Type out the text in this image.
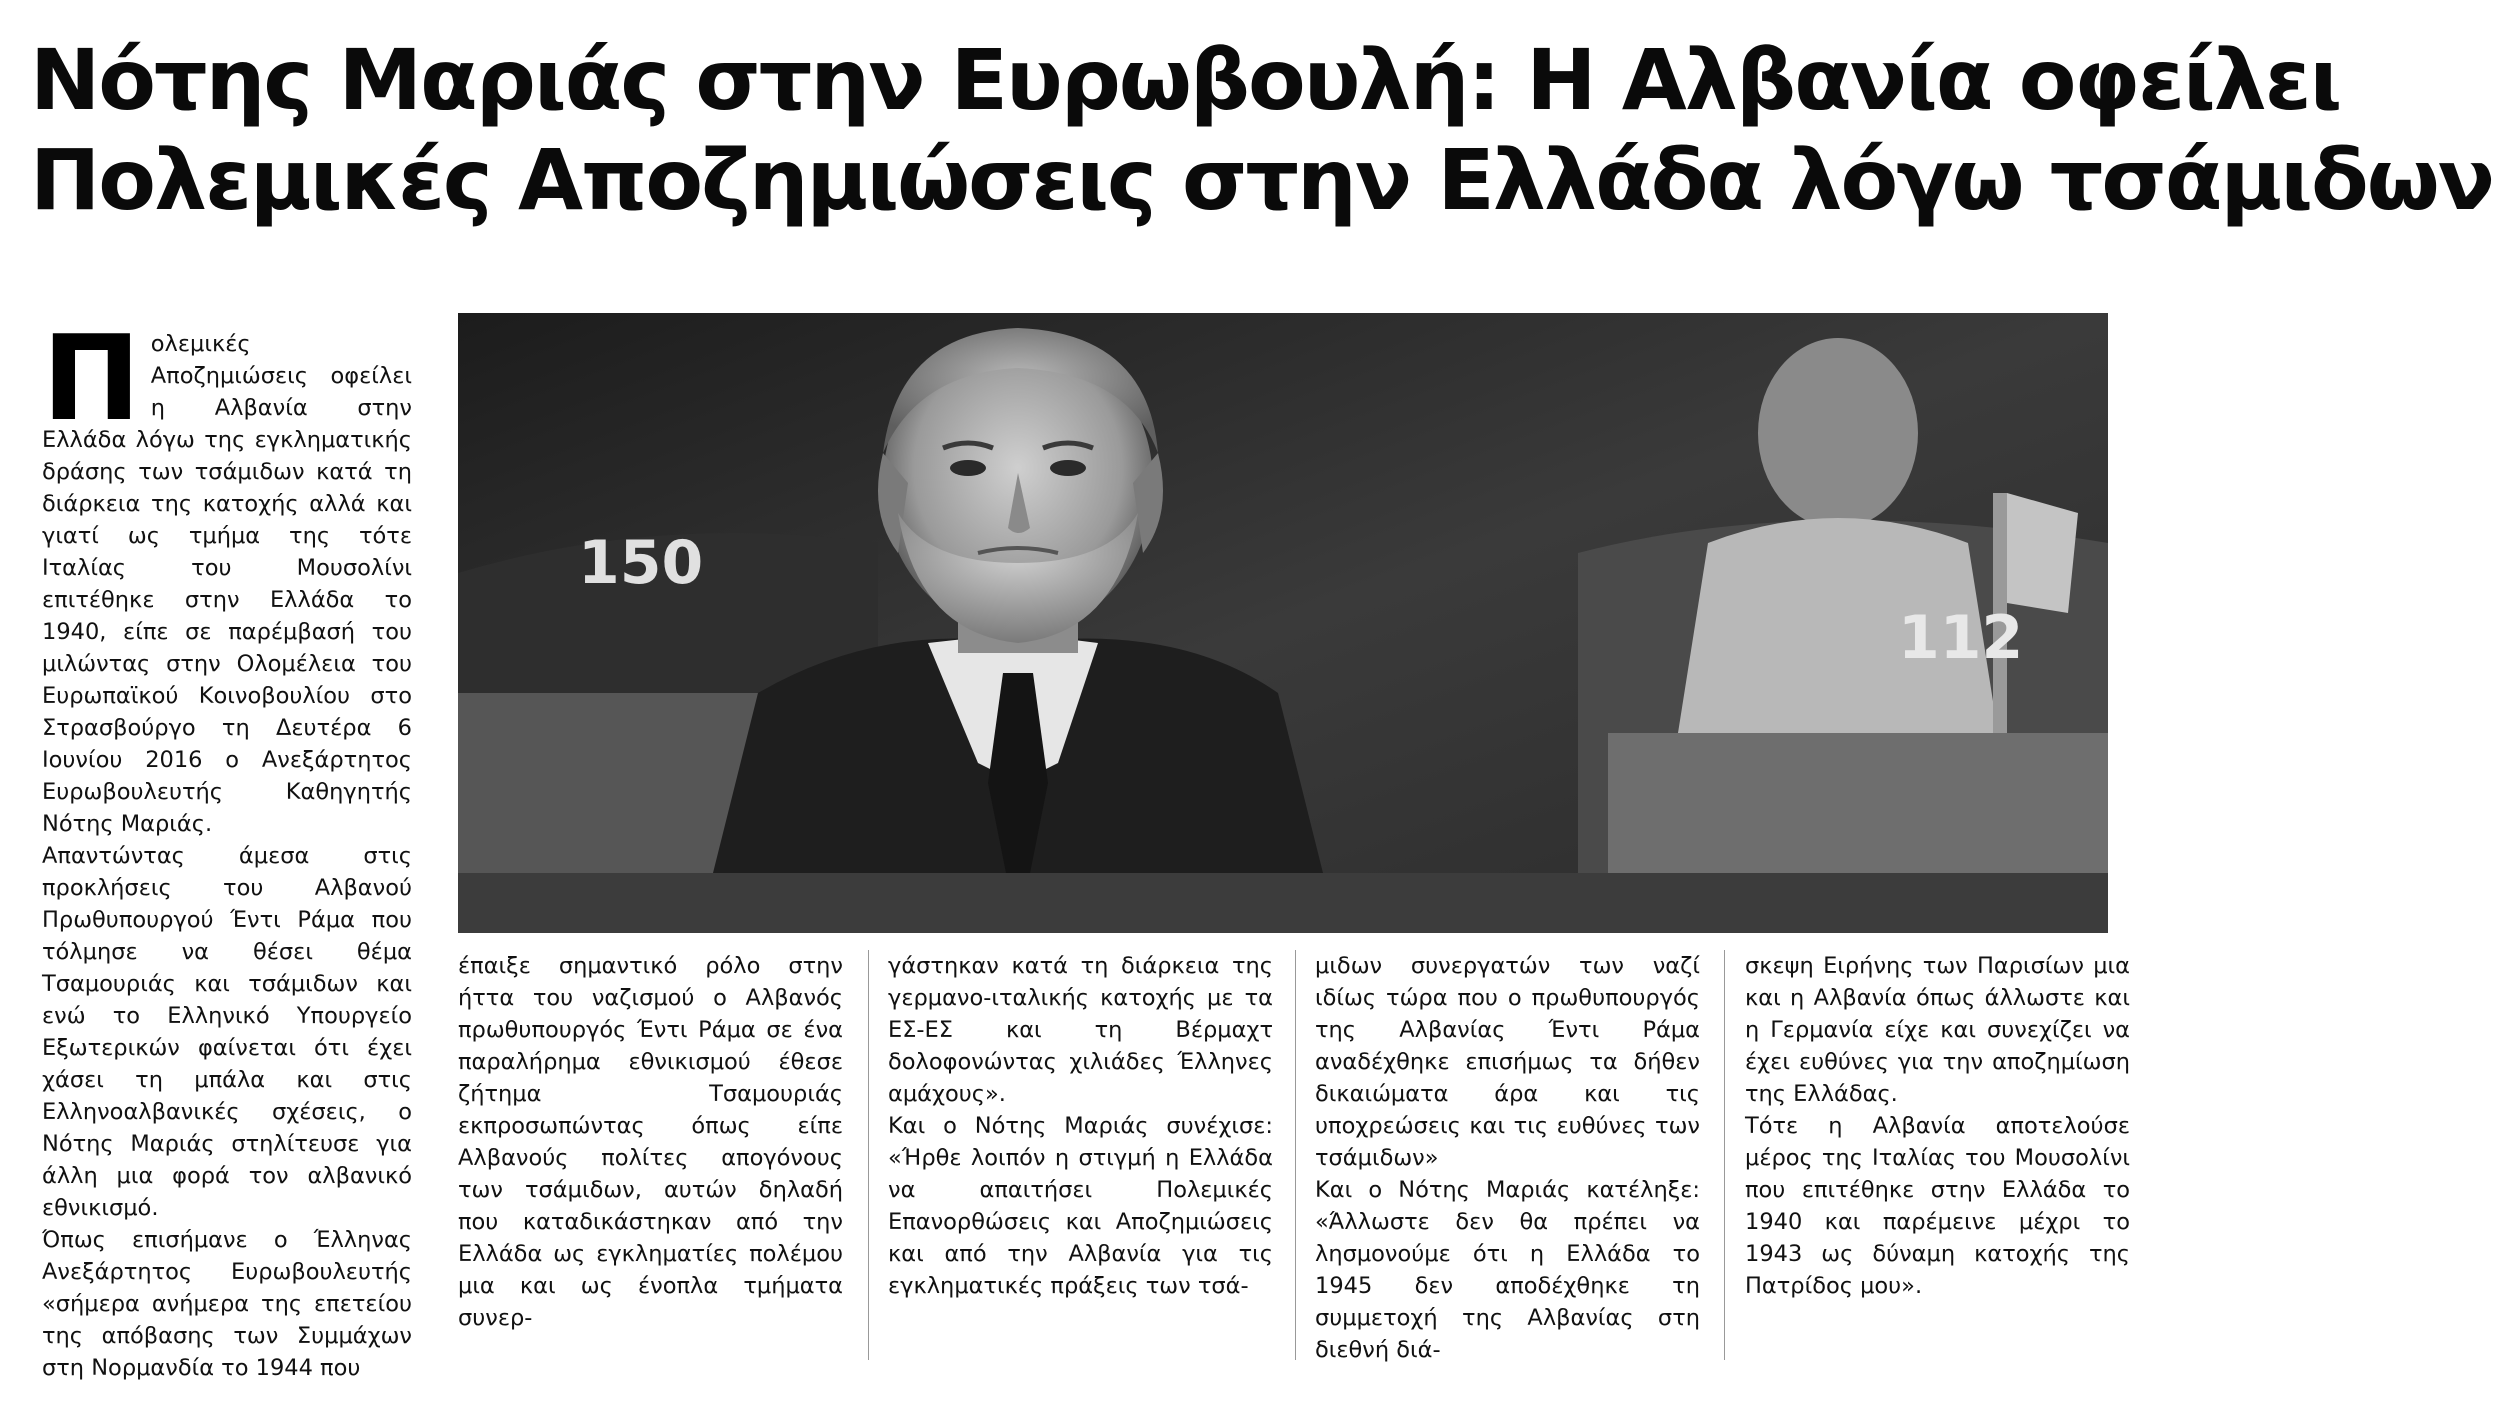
Νότης Μαριάς στην Ευρωβουλή: Η Αλβανία οφείλει
Πολεμικές Αποζημιώσεις στην Ελλάδα λόγω τσάμιδων

Πολεμικές Αποζημιώσεις οφείλει η Αλβανία στην Ελλάδα λόγω της εγκληματικής δράσης των τσάμιδων κατά τη διάρκεια της κατοχής αλλά και γιατί ως τμήμα της τότε Ιταλίας του Μουσολίνι επιτέθηκε στην Ελλάδα το 1940, είπε σε παρέμβασή του μιλώντας στην Ολομέλεια του Ευρωπαϊκού Κοινοβουλίου στο Στρασβούργο τη Δευτέρα 6 Ιουνίου 2016 ο Ανεξάρτητος Ευρωβουλευτής Καθηγητής Νότης Μαριάς.

Απαντώντας άμεσα στις προκλήσεις του Αλβανού Πρωθυπουργού Έντι Ράμα που τόλμησε να θέσει θέμα Τσαμουριάς και τσάμιδων και ενώ το Ελληνικό Υπουργείο Εξωτερικών φαίνεται ότι έχει χάσει τη μπάλα και στις Ελληνοαλβανικές σχέσεις, ο Νότης Μαριάς στηλίτευσε για άλλη μια φορά τον αλβανικό εθνικισμό.

Όπως επισήμανε ο Έλληνας Ανεξάρτητος Ευρωβουλευτής «σήμερα ανήμερα της επετείου της απόβασης των Συμμάχων στη Νορμανδία το 1944 που

150
112

έπαιξε σημαντικό ρόλο στην ήττα του ναζισμού ο Αλβανός πρωθυπουργός Έντι Ράμα σε ένα παραλήρημα εθνικισμού έθεσε ζήτημα Τσαμουριάς εκπροσωπώντας όπως είπε Αλβανούς πολίτες απογόνους των τσάμιδων, αυτών δηλαδή που καταδικάστηκαν από την Ελλάδα ως εγκληματίες πολέμου μια και ως ένοπλα τμήματα συνερ-

γάστηκαν κατά τη διάρκεια της γερμανο-ιταλικής κατοχής με τα ΕΣ-ΕΣ και τη Βέρμαχτ δολοφονώντας χιλιάδες Έλληνες αμάχους».

Και ο Νότης Μαριάς συνέχισε: «Ήρθε λοιπόν η στιγμή η Ελλάδα να απαιτήσει Πολεμικές Επανορθώσεις και Αποζημιώσεις και από την Αλβανία για τις εγκληματικές πράξεις των τσά-

μιδων συνεργατών των ναζί ιδίως τώρα που ο πρωθυπουργός της Αλβανίας Έντι Ράμα αναδέχθηκε επισήμως τα δήθεν δικαιώματα άρα και τις υποχρεώσεις και τις ευθύνες των τσάμιδων»

Και ο Νότης Μαριάς κατέληξε: «Άλλωστε δεν θα πρέπει να λησμονούμε ότι η Ελλάδα το 1945 δεν αποδέχθηκε τη συμμετοχή της Αλβανίας στη διεθνή διά-

σκεψη Ειρήνης των Παρισίων μια και η Αλβανία όπως άλλωστε και η Γερμανία είχε και συνεχίζει να έχει ευθύνες για την αποζημίωση της Ελλάδας.

Τότε η Αλβανία αποτελούσε μέρος της Ιταλίας του Μουσολίνι που επιτέθηκε στην Ελλάδα το 1940 και παρέμεινε μέχρι το 1943 ως δύναμη κατοχής της Πατρίδος μου».
